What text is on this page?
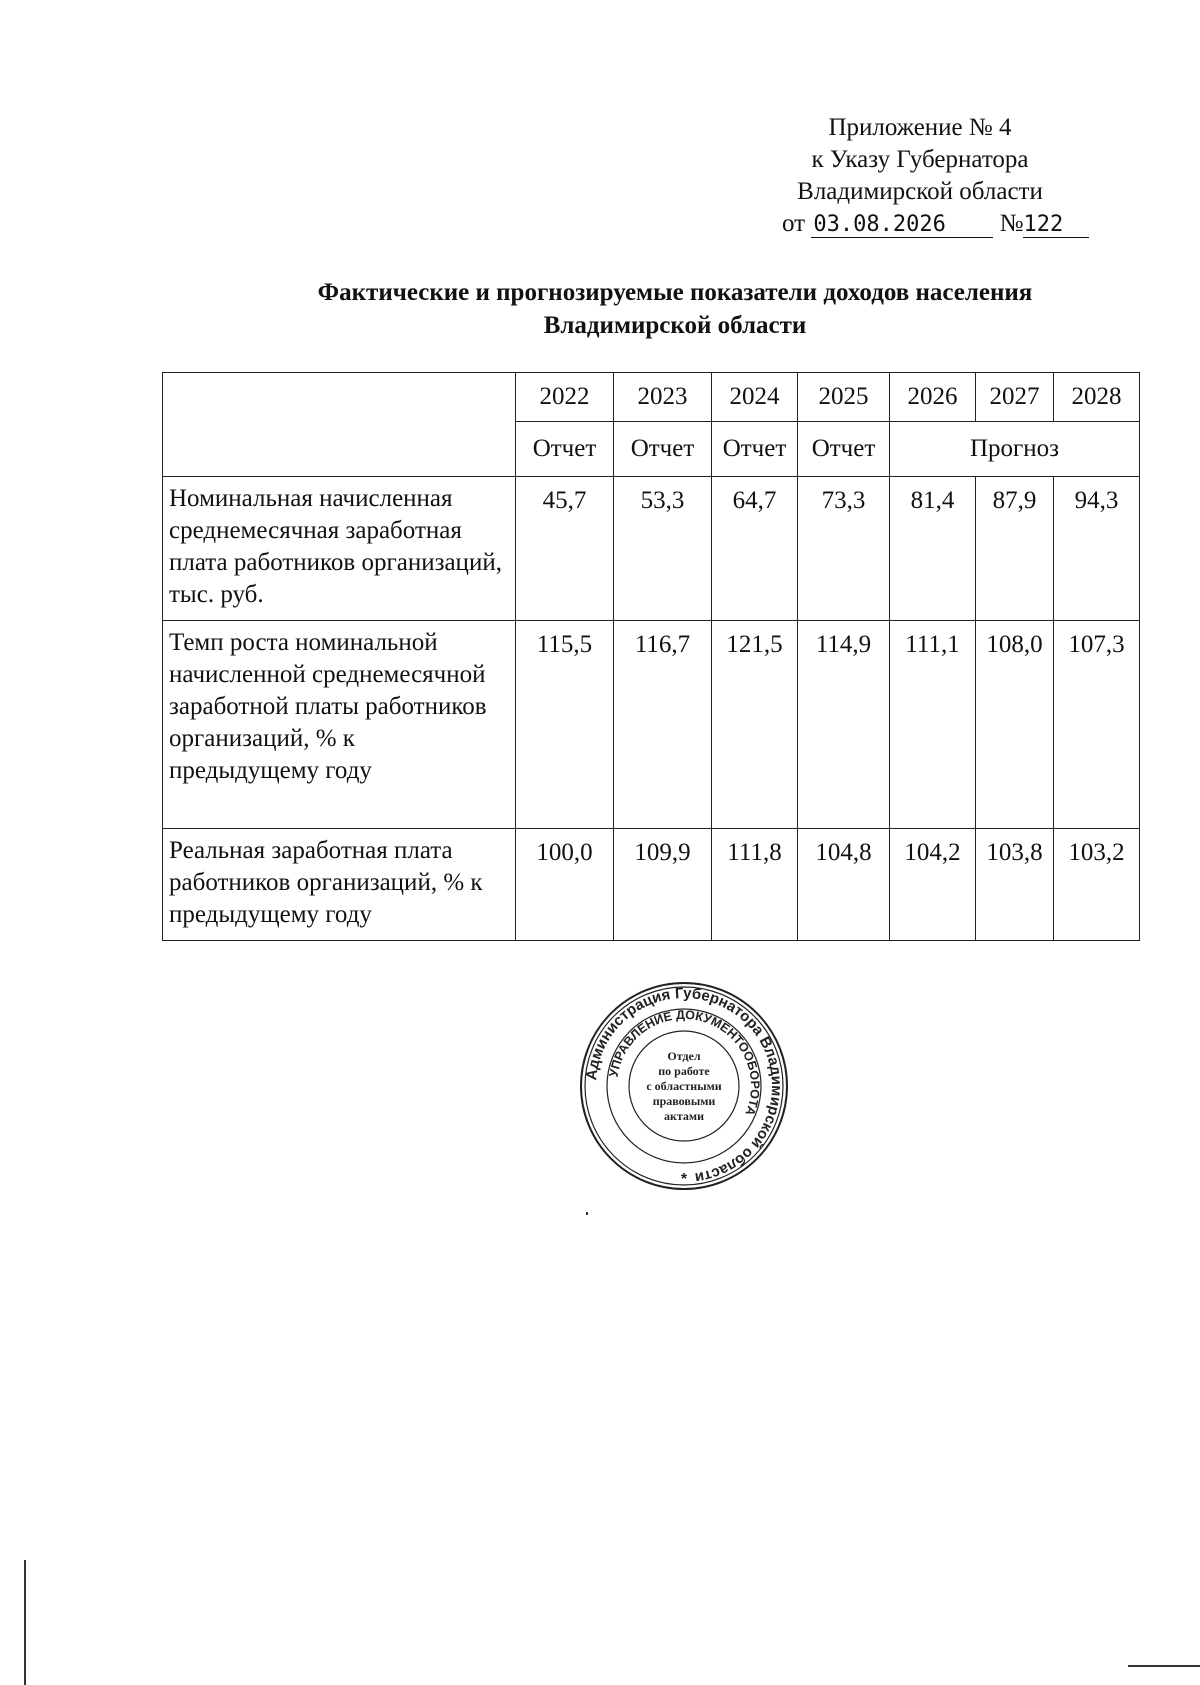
Приложение № 4
к Указу Губернатора
Владимирской области
от 03.08.2026 №122
Фактические и прогнозируемые показатели доходов населения
Владимирской области
	2022	2023	2024	2025	2026	2027	2028
	Отчет	Отчет	Отчет	Отчет	Прогноз		
Номинальная начисленная среднемесячная заработная плата работников организаций, тыс. руб.	45,7	53,3	64,7	73,3	81,4	87,9	94,3
Темп роста номинальной начисленной среднемесячной заработной платы работников организаций, % к предыдущему году	115,5	116,7	121,5	114,9	111,1	108,0	107,3
Реальная заработная плата работников организаций, % к предыдущему году	100,0	109,9	111,8	104,8	104,2	103,8	103,2
Администрация Губернатора Владимирской области
УПРАВЛЕНИЕ ДОКУМЕНТООБОРОТА
Отдел
по работе
с областными
правовыми
актами
*
